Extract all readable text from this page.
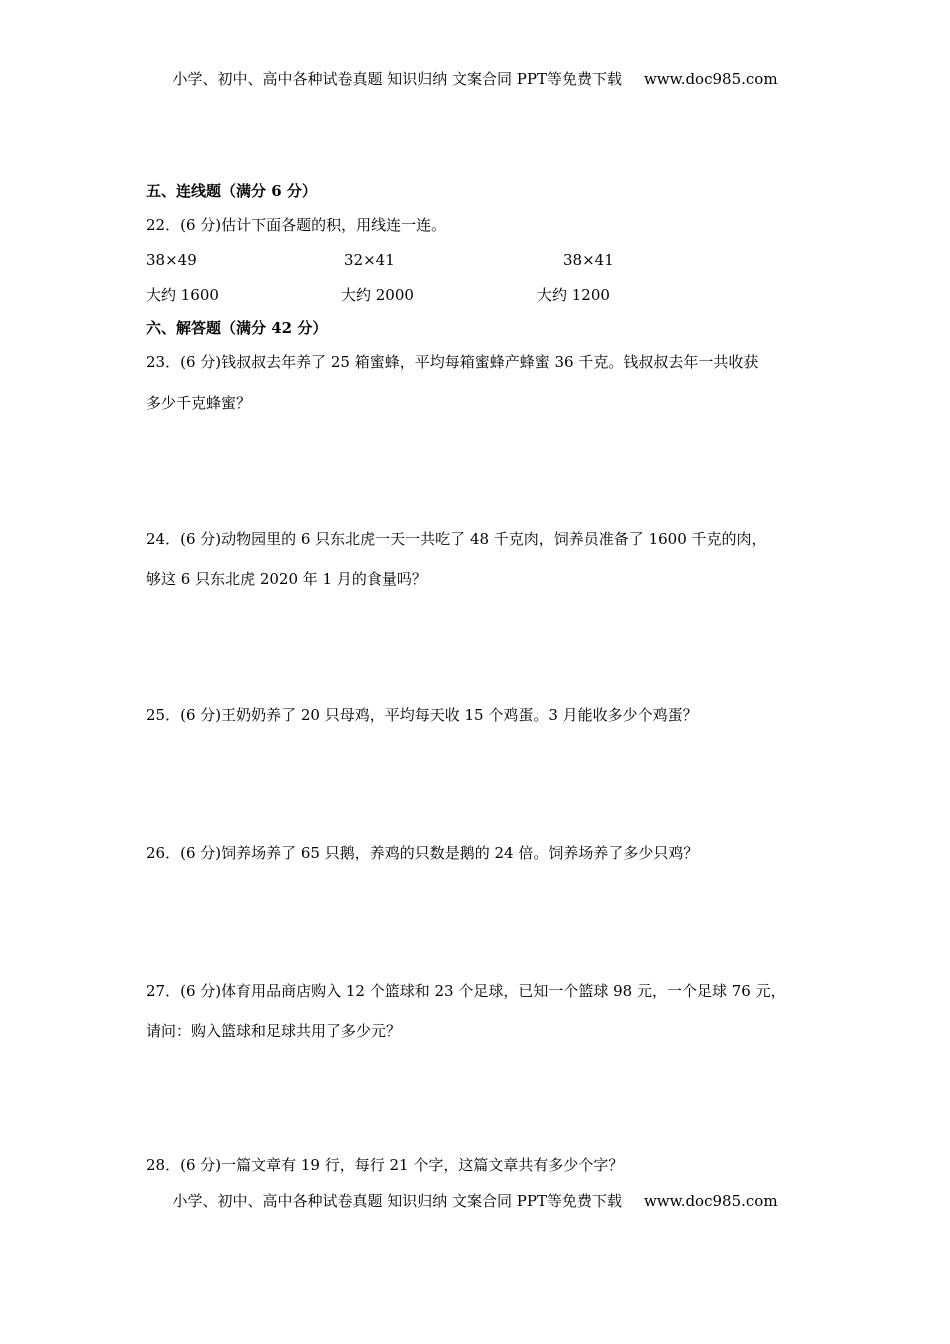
小学、初中、高中各种试卷真题 知识归纳 文案合同 PPT等免费下载 www.doc985.com
五、连线题（满分 6 分）
22．(6 分)估计下面各题的积，用线连一连。
38×49	32×41	38×41
大约 1600	大约 2000	大约 1200
六、解答题（满分 42 分）
23．(6 分)钱叔叔去年养了 25 箱蜜蜂，平均每箱蜜蜂产蜂蜜 36 千克。钱叔叔去年一共收获
多少千克蜂蜜？
24．(6 分)动物园里的 6 只东北虎一天一共吃了 48 千克肉，饲养员准备了 1600 千克的肉，
够这 6 只东北虎 2020 年 1 月的食量吗？
25．(6 分)王奶奶养了 20 只母鸡，平均每天收 15 个鸡蛋。3 月能收多少个鸡蛋？
26．(6 分)饲养场养了 65 只鹅，养鸡的只数是鹅的 24 倍。饲养场养了多少只鸡？
27．(6 分)体育用品商店购入 12 个篮球和 23 个足球，已知一个篮球 98 元，一个足球 76 元，
请问：购入篮球和足球共用了多少元？
28．(6 分)一篇文章有 19 行，每行 21 个字，这篇文章共有多少个字？
小学、初中、高中各种试卷真题 知识归纳 文案合同 PPT等免费下载 www.doc985.com
